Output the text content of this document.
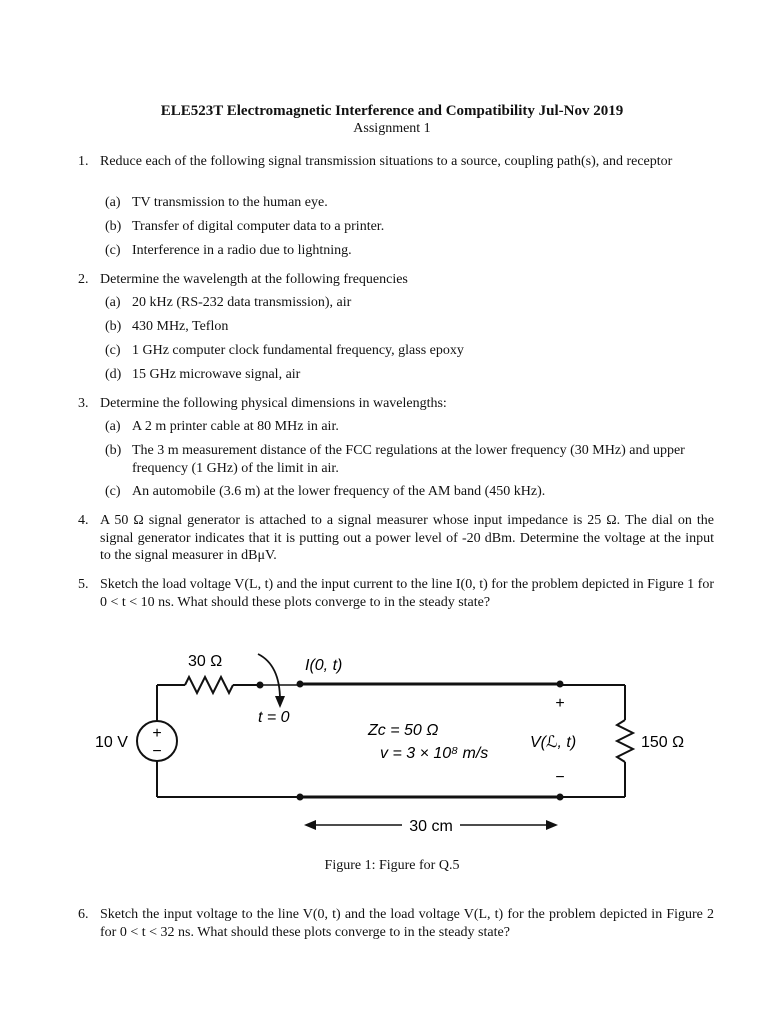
ELE523T Electromagnetic Interference and Compatibility Jul-Nov 2019
Assignment 1
1. Reduce each of the following signal transmission situations to a source, coupling path(s), and receptor
(a) TV transmission to the human eye.
(b) Transfer of digital computer data to a printer.
(c) Interference in a radio due to lightning.
2. Determine the wavelength at the following frequencies
(a) 20 kHz (RS-232 data transmission), air
(b) 430 MHz, Teflon
(c) 1 GHz computer clock fundamental frequency, glass epoxy
(d) 15 GHz microwave signal, air
3. Determine the following physical dimensions in wavelengths:
(a) A 2 m printer cable at 80 MHz in air.
(b) The 3 m measurement distance of the FCC regulations at the lower frequency (30 MHz) and upper frequency (1 GHz) of the limit in air.
(c) An automobile (3.6 m) at the lower frequency of the AM band (450 kHz).
4. A 50 Ω signal generator is attached to a signal measurer whose input impedance is 25 Ω. The dial on the signal generator indicates that it is putting out a power level of -20 dBm. Determine the voltage at the input to the signal measurer in dBμV.
5. Sketch the load voltage V(L, t) and the input current to the line I(0, t) for the problem depicted in Figure 1 for 0 < t < 10 ns. What should these plots converge to in the steady state?
30 Ω	I(0, t)
t = 0
10 V
+
−
Zc = 50 Ω
v = 3 × 10⁸ m/s
V(ℒ, t)
+
−
150 Ω
30 cm
Figure 1: Figure for Q.5
6. Sketch the input voltage to the line V(0, t) and the load voltage V(L, t) for the problem depicted in Figure 2 for 0 < t < 32 ns. What should these plots converge to in the steady state?
